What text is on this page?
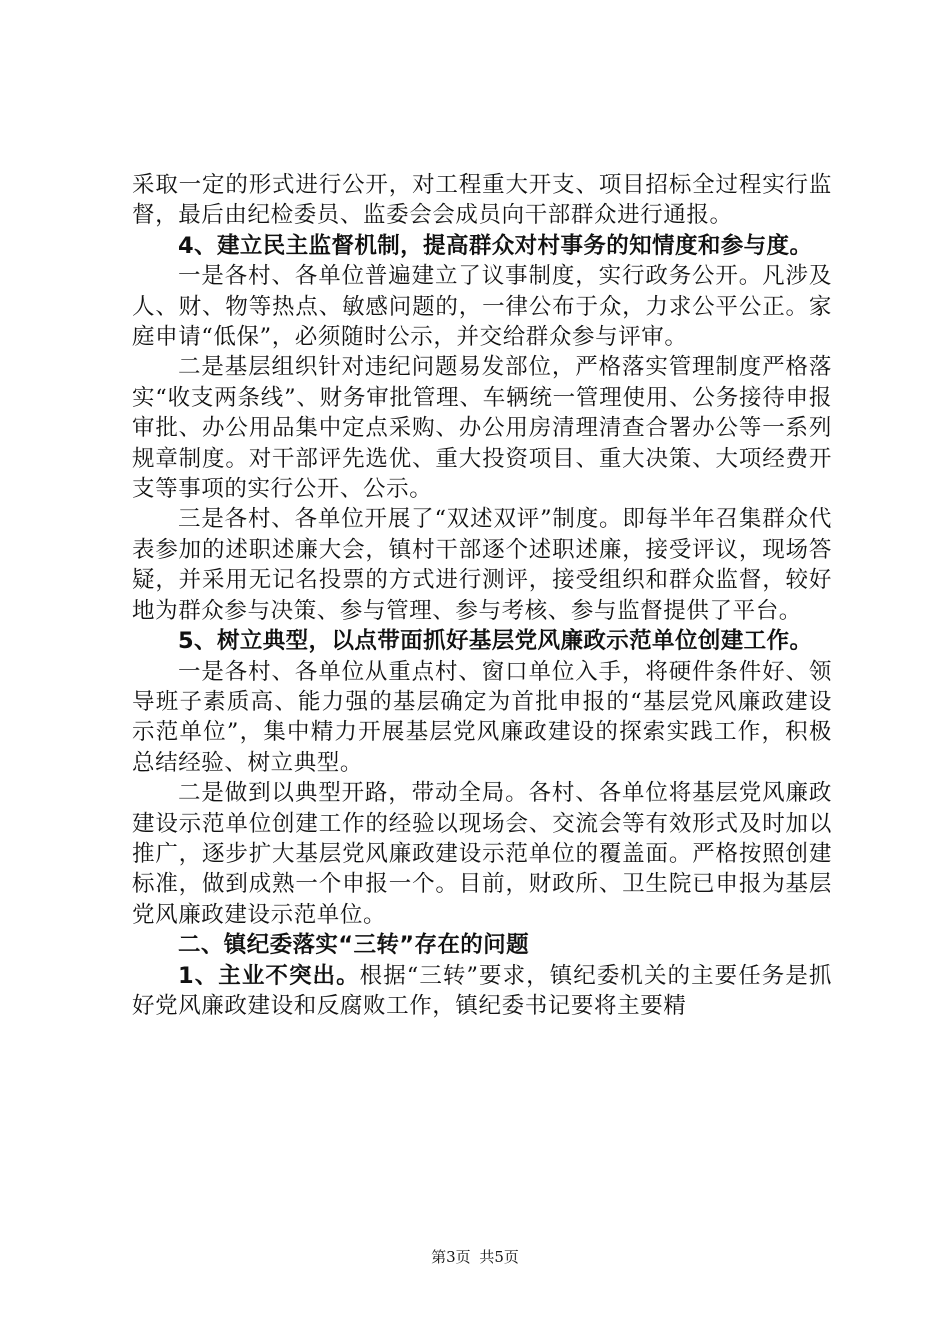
采取一定的形式进行公开，对工程重大开支、项目招标全过程实行监督，最后由纪检委员、监委会会成员向干部群众进行通报。

4、建立民主监督机制，提高群众对村事务的知情度和参与度。

一是各村、各单位普遍建立了议事制度，实行政务公开。凡涉及人、财、物等热点、敏感问题的，一律公布于众，力求公平公正。家庭申请“低保”，必须随时公示，并交给群众参与评审。

二是基层组织针对违纪问题易发部位，严格落实管理制度严格落实“收支两条线”、财务审批管理、车辆统一管理使用、公务接待申报审批、办公用品集中定点采购、办公用房清理清查合署办公等一系列规章制度。对干部评先选优、重大投资项目、重大决策、大项经费开支等事项的实行公开、公示。

三是各村、各单位开展了“双述双评”制度。即每半年召集群众代表参加的述职述廉大会，镇村干部逐个述职述廉，接受评议，现场答疑，并采用无记名投票的方式进行测评，接受组织和群众监督，较好地为群众参与决策、参与管理、参与考核、参与监督提供了平台。

5、树立典型，以点带面抓好基层党风廉政示范单位创建工作。

一是各村、各单位从重点村、窗口单位入手，将硬件条件好、领导班子素质高、能力强的基层确定为首批申报的“基层党风廉政建设示范单位”，集中精力开展基层党风廉政建设的探索实践工作，积极总结经验、树立典型。

二是做到以典型开路，带动全局。各村、各单位将基层党风廉政建设示范单位创建工作的经验以现场会、交流会等有效形式及时加以推广，逐步扩大基层党风廉政建设示范单位的覆盖面。严格按照创建标准，做到成熟一个申报一个。目前，财政所、卫生院已申报为基层党风廉政建设示范单位。

二、镇纪委落实“三转”存在的问题

1、主业不突出。根据“三转”要求，镇纪委机关的主要任务是抓好党风廉政建设和反腐败工作，镇纪委书记要将主要精

第3页 共5页
